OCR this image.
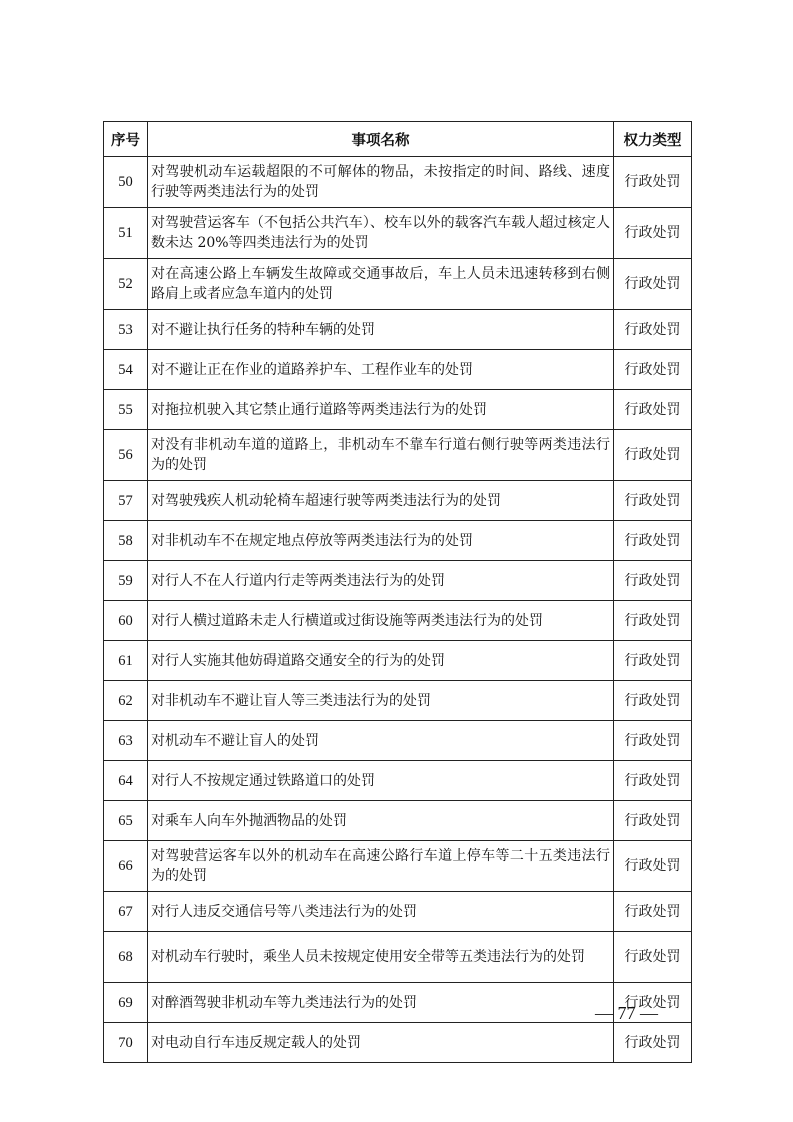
序号	事项名称	权力类型
50	对驾驶机动车运载超限的不可解体的物品，未按指定的时间、路线、速度行驶等两类违法行为的处罚	行政处罚
51	对驾驶营运客车（不包括公共汽车）、校车以外的载客汽车载人超过核定人数未达 20%等四类违法行为的处罚	行政处罚
52	对在高速公路上车辆发生故障或交通事故后，车上人员未迅速转移到右侧路肩上或者应急车道内的处罚	行政处罚
53	对不避让执行任务的特种车辆的处罚	行政处罚
54	对不避让正在作业的道路养护车、工程作业车的处罚	行政处罚
55	对拖拉机驶入其它禁止通行道路等两类违法行为的处罚	行政处罚
56	对没有非机动车道的道路上，非机动车不靠车行道右侧行驶等两类违法行为的处罚	行政处罚
57	对驾驶残疾人机动轮椅车超速行驶等两类违法行为的处罚	行政处罚
58	对非机动车不在规定地点停放等两类违法行为的处罚	行政处罚
59	对行人不在人行道内行走等两类违法行为的处罚	行政处罚
60	对行人横过道路未走人行横道或过街设施等两类违法行为的处罚	行政处罚
61	对行人实施其他妨碍道路交通安全的行为的处罚	行政处罚
62	对非机动车不避让盲人等三类违法行为的处罚	行政处罚
63	对机动车不避让盲人的处罚	行政处罚
64	对行人不按规定通过铁路道口的处罚	行政处罚
65	对乘车人向车外抛洒物品的处罚	行政处罚
66	对驾驶营运客车以外的机动车在高速公路行车道上停车等二十五类违法行为的处罚	行政处罚
67	对行人违反交通信号等八类违法行为的处罚	行政处罚
68	对机动车行驶时，乘坐人员未按规定使用安全带等五类违法行为的处罚	行政处罚
69	对醉酒驾驶非机动车等九类违法行为的处罚	行政处罚
70	对电动自行车违反规定载人的处罚	行政处罚
— 77 —
